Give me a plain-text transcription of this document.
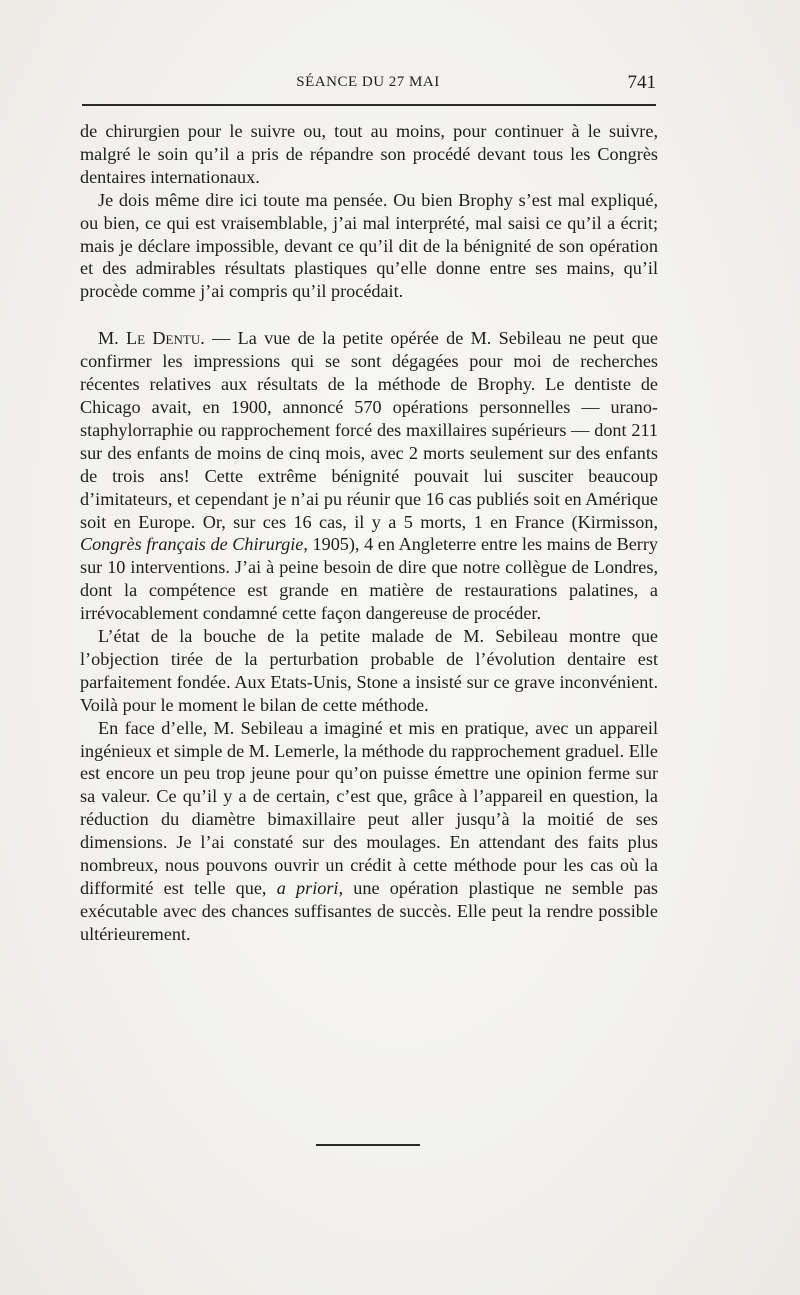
SÉANCE DU 27 MAI	741

de chirurgien pour le suivre ou, tout au moins, pour continuer à le suivre, malgré le soin qu’il a pris de répandre son procédé devant tous les Congrès dentaires internationaux.

Je dois même dire ici toute ma pensée. Ou bien Brophy s’est mal expliqué, ou bien, ce qui est vraisemblable, j’ai mal interprété, mal saisi ce qu’il a écrit; mais je déclare impossible, devant ce qu’il dit de la bénignité de son opération et des admirables résultats plastiques qu’elle donne entre ses mains, qu’il procède comme j’ai compris qu’il procédait.

M. Le Dentu. — La vue de la petite opérée de M. Sebileau ne peut que confirmer les impressions qui se sont dégagées pour moi de recherches récentes relatives aux résultats de la méthode de Brophy. Le dentiste de Chicago avait, en 1900, annoncé 570 opérations personnelles — urano-staphylorraphie ou rapprochement forcé des maxillaires supérieurs — dont 211 sur des enfants de moins de cinq mois, avec 2 morts seulement sur des enfants de trois ans! Cette extrême bénignité pouvait lui susciter beaucoup d’imitateurs, et cependant je n’ai pu réunir que 16 cas publiés soit en Amérique soit en Europe. Or, sur ces 16 cas, il y a 5 morts, 1 en France (Kirmisson, Congrès français de Chirurgie, 1905), 4 en Angleterre entre les mains de Berry sur 10 interventions. J’ai à peine besoin de dire que notre collègue de Londres, dont la compétence est grande en matière de restaurations palatines, a irrévocablement condamné cette façon dangereuse de procéder.

L’état de la bouche de la petite malade de M. Sebileau montre que l’objection tirée de la perturbation probable de l’évolution dentaire est parfaitement fondée. Aux Etats-Unis, Stone a insisté sur ce grave inconvénient. Voilà pour le moment le bilan de cette méthode.

En face d’elle, M. Sebileau a imaginé et mis en pratique, avec un appareil ingénieux et simple de M. Lemerle, la méthode du rapprochement graduel. Elle est encore un peu trop jeune pour qu’on puisse émettre une opinion ferme sur sa valeur. Ce qu’il y a de certain, c’est que, grâce à l’appareil en question, la réduction du diamètre bimaxillaire peut aller jusqu’à la moitié de ses dimensions. Je l’ai constaté sur des moulages. En attendant des faits plus nombreux, nous pouvons ouvrir un crédit à cette méthode pour les cas où la difformité est telle que, a priori, une opération plastique ne semble pas exécutable avec des chances suffisantes de succès. Elle peut la rendre possible ultérieurement.
